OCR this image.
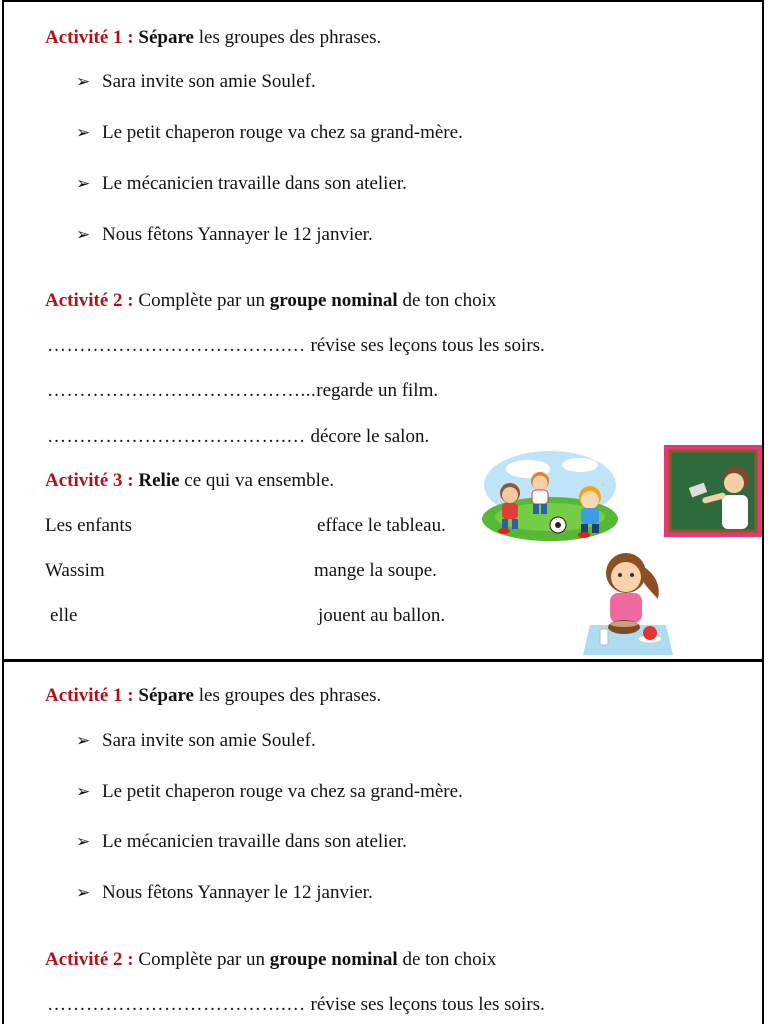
Activité 1 : Sépare les groupes des phrases.
➢ Sara invite son amie Soulef.
➢ Le petit chaperon rouge va chez sa grand-mère.
➢ Le mécanicien travaille dans son atelier.
➢ Nous fêtons Yannayer le 12 janvier.
Activité 2 : Complète par un groupe nominal de ton choix
……………………………….… révise ses leçons tous les soirs.
…………………………………...regarde un film.
……………………………….… décore le salon.
Activité 3 : Relie ce qui va ensemble.
Les enfants
Wassim
elle
efface le tableau.
mange la soupe.
jouent au ballon.
Activité 1 : Sépare les groupes des phrases.
➢ Sara invite son amie Soulef.
➢ Le petit chaperon rouge va chez sa grand-mère.
➢ Le mécanicien travaille dans son atelier.
➢ Nous fêtons Yannayer le 12 janvier.
Activité 2 : Complète par un groupe nominal de ton choix
……………………………….… révise ses leçons tous les soirs.
